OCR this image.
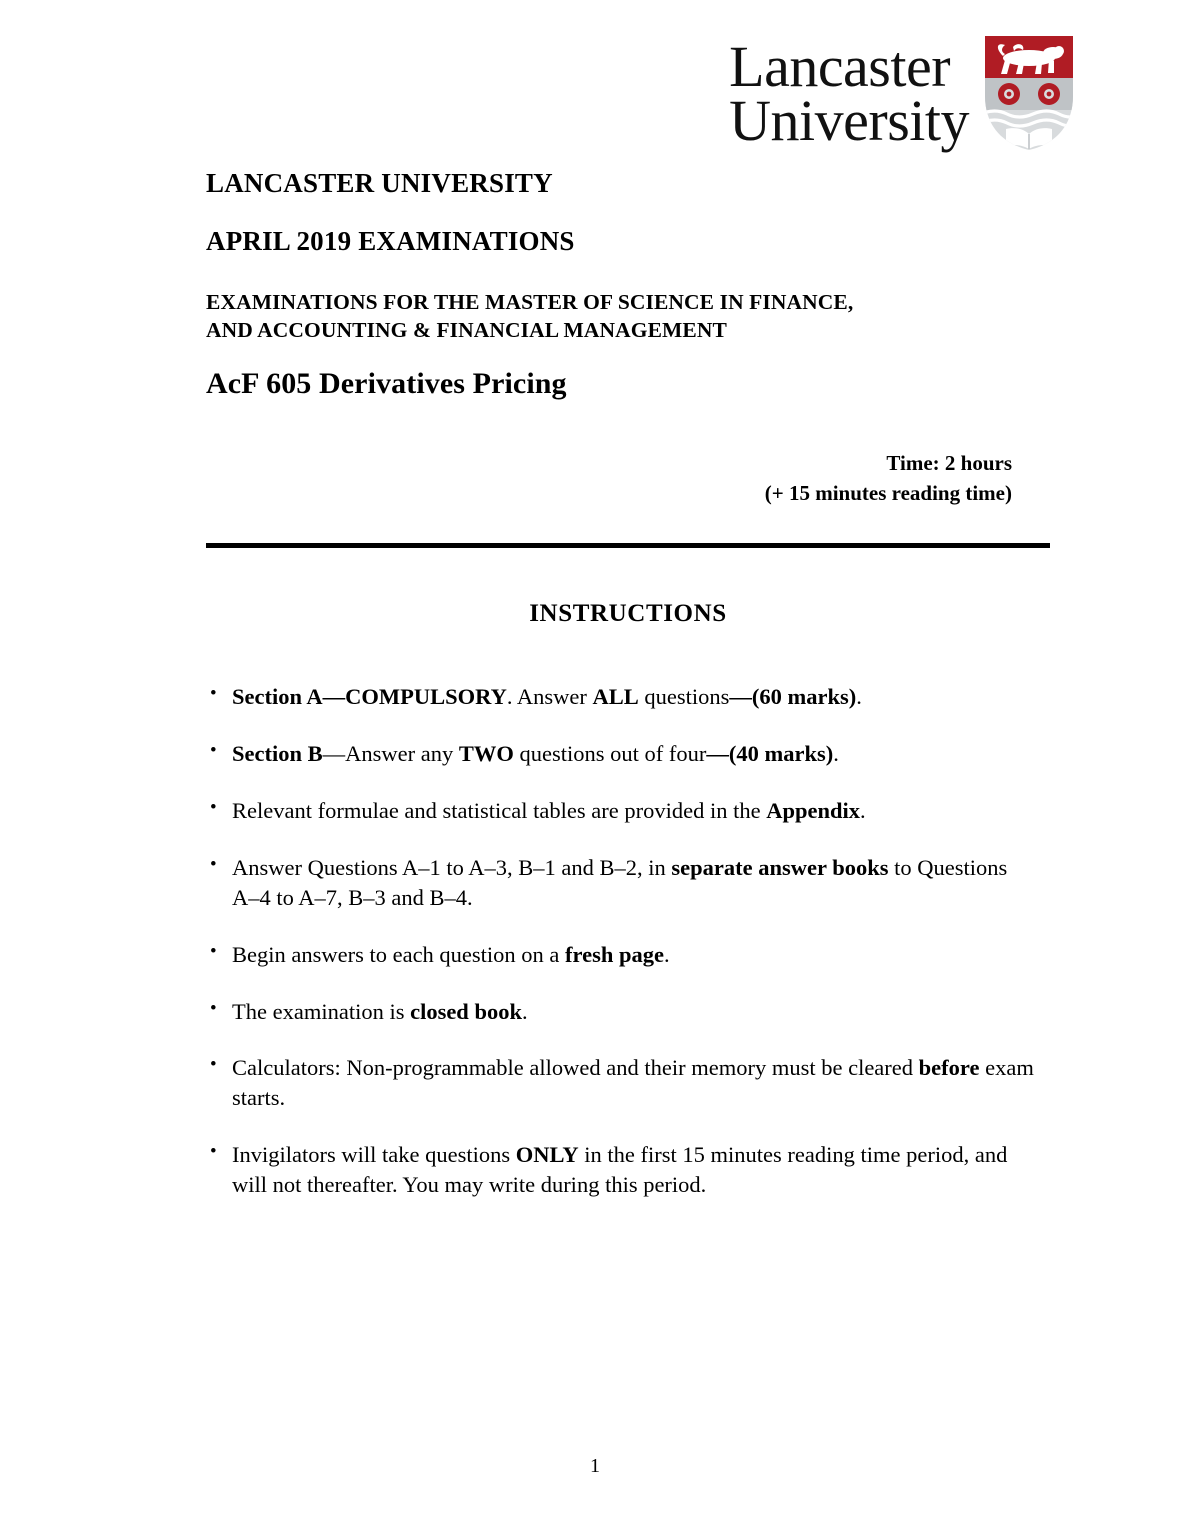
Lancaster
University
LANCASTER UNIVERSITY
APRIL 2019 EXAMINATIONS
EXAMINATIONS FOR THE MASTER OF SCIENCE IN FINANCE,
AND ACCOUNTING & FINANCIAL MANAGEMENT
AcF 605 Derivatives Pricing
Time: 2 hours
(+ 15 minutes reading time)
INSTRUCTIONS
• Section A—COMPULSORY. Answer ALL questions—(60 marks).
• Section B—Answer any TWO questions out of four—(40 marks).
• Relevant formulae and statistical tables are provided in the Appendix.
• Answer Questions A–1 to A–3, B–1 and B–2, in separate answer books to Questions A–4 to A–7, B–3 and B–4.
• Begin answers to each question on a fresh page.
• The examination is closed book.
• Calculators: Non-programmable allowed and their memory must be cleared before exam starts.
• Invigilators will take questions ONLY in the first 15 minutes reading time period, and will not thereafter. You may write during this period.
1
